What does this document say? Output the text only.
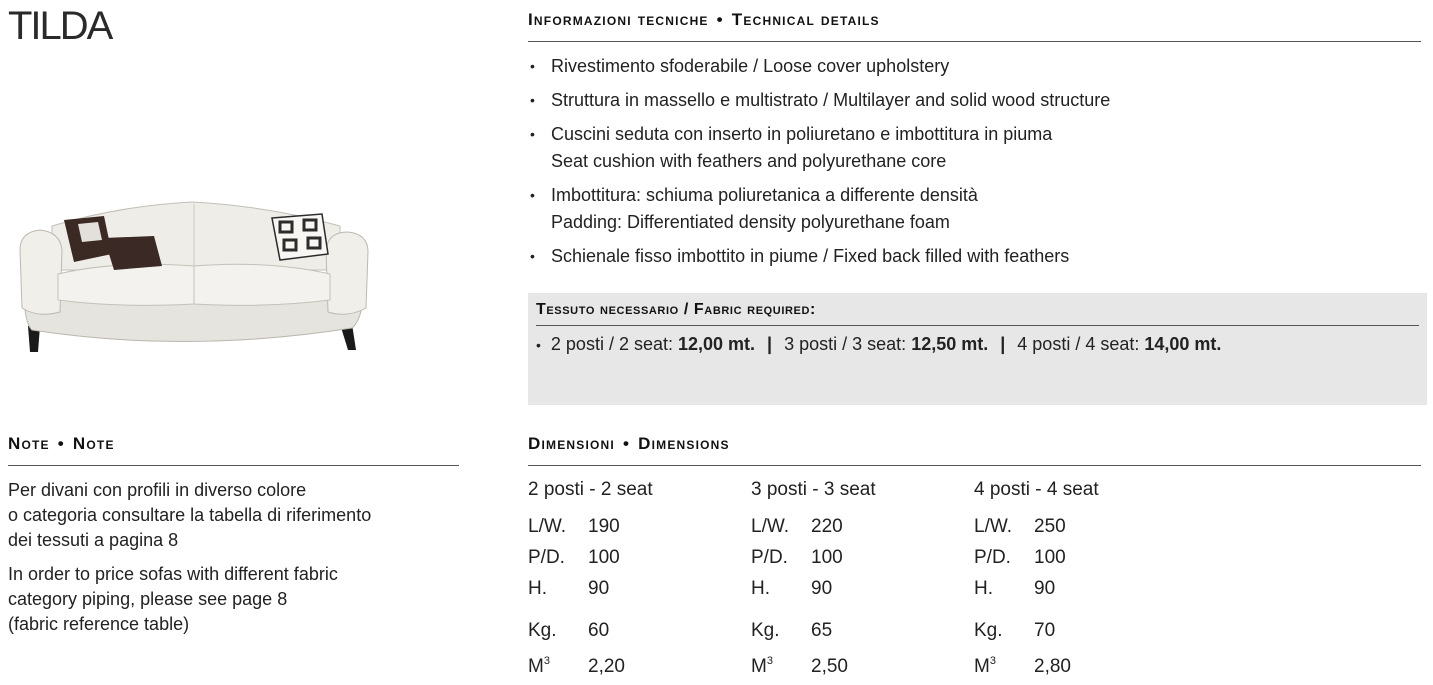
TILDA	Informazioni tecniche • Technical details
• Rivestimento sfoderabile / Loose cover upholstery
• Struttura in massello e multistrato / Multilayer and solid wood structure
• Cuscini seduta con inserto in poliuretano e imbottitura in piuma
Seat cushion with feathers and polyurethane core
• Imbottitura: schiuma poliuretanica a differente densità
Padding: Differentiated density polyurethane foam
• Schienale fisso imbottito in piume / Fixed back filled with feathers
Tessuto necessario / Fabric required:
• 2 posti / 2 seat: 12,00 mt. | 3 posti / 3 seat: 12,50 mt. | 4 posti / 4 seat: 14,00 mt.
Note • Note

Per divani con profili in diverso colore
o categoria consultare la tabella di riferimento
dei tessuti a pagina 8

In order to price sofas with different fabric
category piping, please see page 8
(fabric reference table)

Dimensioni • Dimensions
2 posti - 2 seat
L/W. 190
P/D. 100
H. 90
Kg. 60
$M^3$ 2,20
3 posti - 3 seat
L/W. 220
P/D. 100
H. 90
Kg. 65
$M^3$ 2,50
4 posti - 4 seat
L/W. 250
P/D. 100
H. 90
Kg. 70
$M^3$ 2,80
